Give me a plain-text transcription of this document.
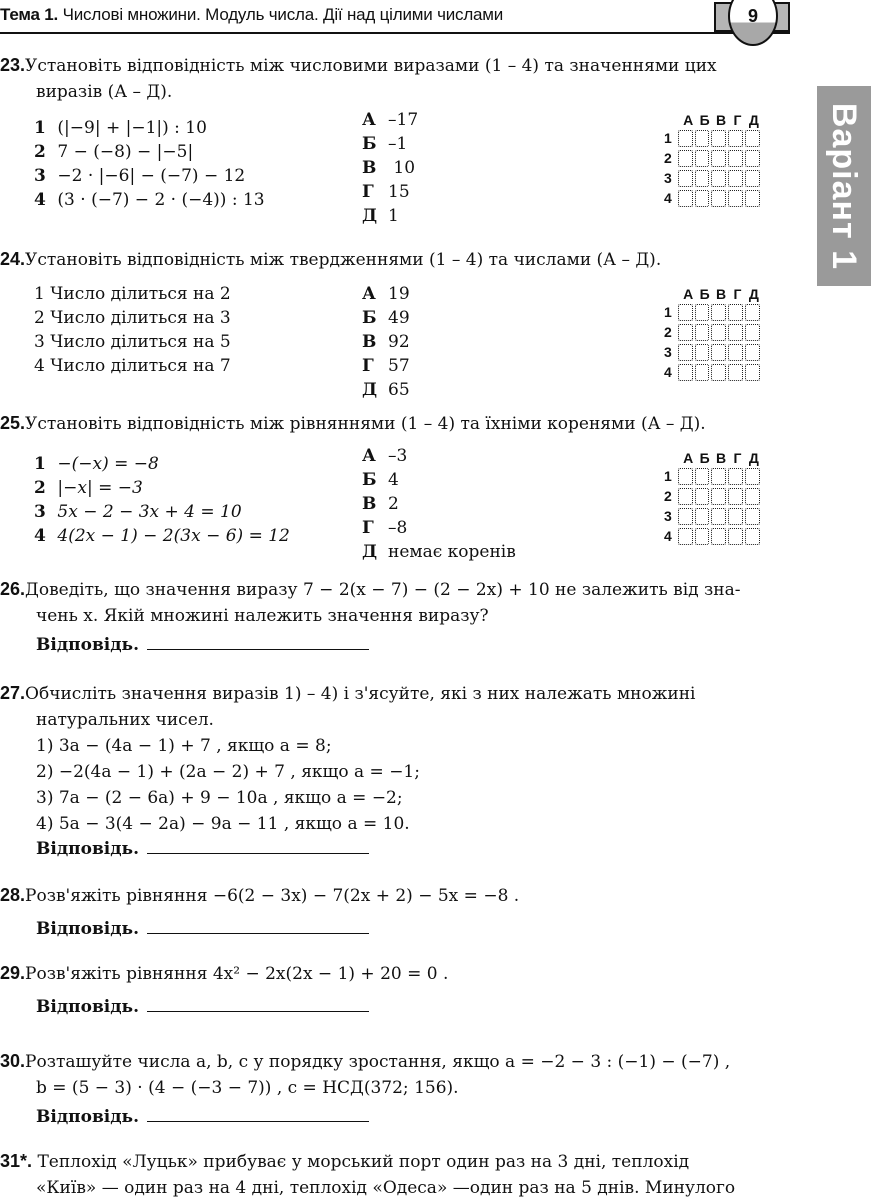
Тема 1. Числові множини. Модуль числа. Дії над цілими числами	9
Варіант 1
23.Установіть відповідність між числовими виразами (1 – 4) та значеннями цих
виразів (А – Д).
1 (|−9| + |−1|) : 10
2 7 − (−8) − |−5|
3 −2 · |−6| − (−7) − 12
4 (3 · (−7) − 2 · (−4)) : 13
А –17
Б –1
В 10
Г 15
Д 1
А Б В Г Д
1
2
3
4
24.Установіть відповідність між твердженнями (1 – 4) та числами (А – Д).
1 Число ділиться на 2
2 Число ділиться на 3
3 Число ділиться на 5
4 Число ділиться на 7
А 19
Б 49
В 92
Г 57
Д 65
А Б В Г Д
1
2
3
4
25.Установіть відповідність між рівняннями (1 – 4) та їхніми коренями (А – Д).
1 −(−x) = −8
2 |−x| = −3
3 5x − 2 − 3x + 4 = 10
4 4(2x − 1) − 2(3x − 6) = 12
А –3
Б 4
В 2
Г –8
Д немає коренів
А Б В Г Д
1
2
3
4
26.Доведіть, що значення виразу 7 − 2(x − 7) − (2 − 2x) + 10 не залежить від зна-
чень x. Якій множині належить значення виразу?
Відповідь.
27.Обчисліть значення виразів 1) – 4) і з'ясуйте, які з них належать множині
натуральних чисел.
1) 3a − (4a − 1) + 7 , якщо a = 8;
2) −2(4a − 1) + (2a − 2) + 7 , якщо a = −1;
3) 7a − (2 − 6a) + 9 − 10a , якщо a = −2;
4) 5a − 3(4 − 2a) − 9a − 11 , якщо a = 10.
Відповідь.
28.Розв'яжіть рівняння −6(2 − 3x) − 7(2x + 2) − 5x = −8 .
Відповідь.
29.Розв'яжіть рівняння 4x² − 2x(2x − 1) + 20 = 0 .
Відповідь.
30.Розташуйте числа a, b, c у порядку зростання, якщо a = −2 − 3 : (−1) − (−7) ,
b = (5 − 3) · (4 − (−3 − 7)) , c = НСД(372; 156).
Відповідь.
31*. Теплохід «Луцьк» прибуває у морський порт один раз на 3 дні, теплохід
«Київ» — один раз на 4 дні, теплохід «Одеса» —один раз на 5 днів. Минулого
